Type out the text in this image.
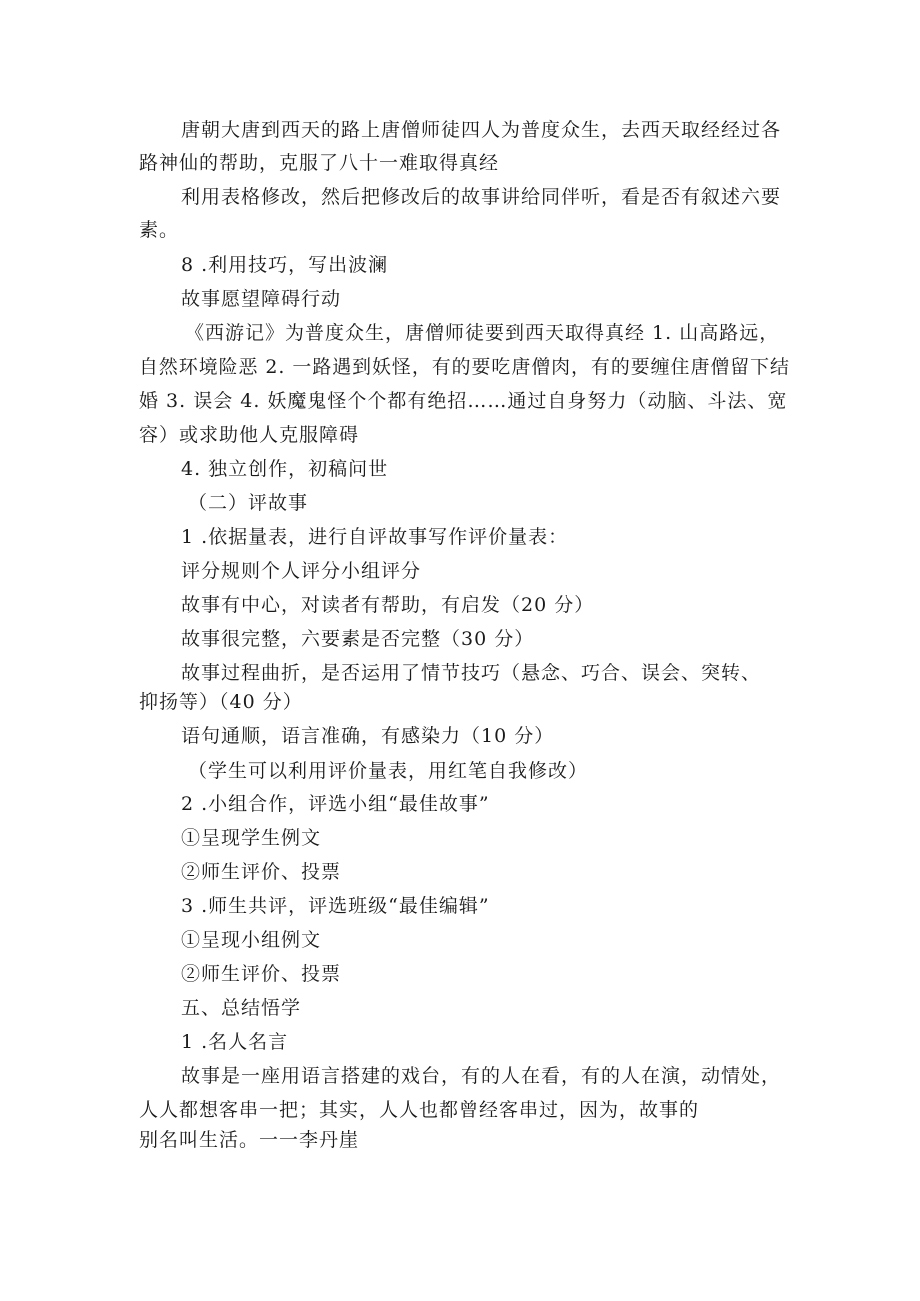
唐朝大唐到西天的路上唐僧师徒四人为普度众生，去西天取经经过各
路神仙的帮助，克服了八十一难取得真经
利用表格修改，然后把修改后的故事讲给同伴听，看是否有叙述六要
素。
8 .利用技巧，写出波澜
故事愿望障碍行动
《西游记》为普度众生，唐僧师徒要到西天取得真经 1. 山高路远，
自然环境险恶 2. 一路遇到妖怪，有的要吃唐僧肉，有的要缠住唐僧留下结
婚 3. 误会 4. 妖魔鬼怪个个都有绝招……通过自身努力（动脑、斗法、宽
容）或求助他人克服障碍
4. 独立创作，初稿问世
（二）评故事
1 .依据量表，进行自评故事写作评价量表：
评分规则个人评分小组评分
故事有中心，对读者有帮助，有启发（20 分）
故事很完整，六要素是否完整（30 分）
故事过程曲折，是否运用了情节技巧（悬念、巧合、误会、突转、
抑扬等）（40 分）
语句通顺，语言准确，有感染力（10 分）
（学生可以利用评价量表，用红笔自我修改）
2 .小组合作，评选小组“最佳故事”
①呈现学生例文
②师生评价、投票
3 .师生共评，评选班级“最佳编辑”
①呈现小组例文
②师生评价、投票
五、总结悟学
1 .名人名言
故事是一座用语言搭建的戏台，有的人在看，有的人在演，动情处，
人人都想客串一把；其实，人人也都曾经客串过，因为，故事的
别名叫生活。一一李丹崖
